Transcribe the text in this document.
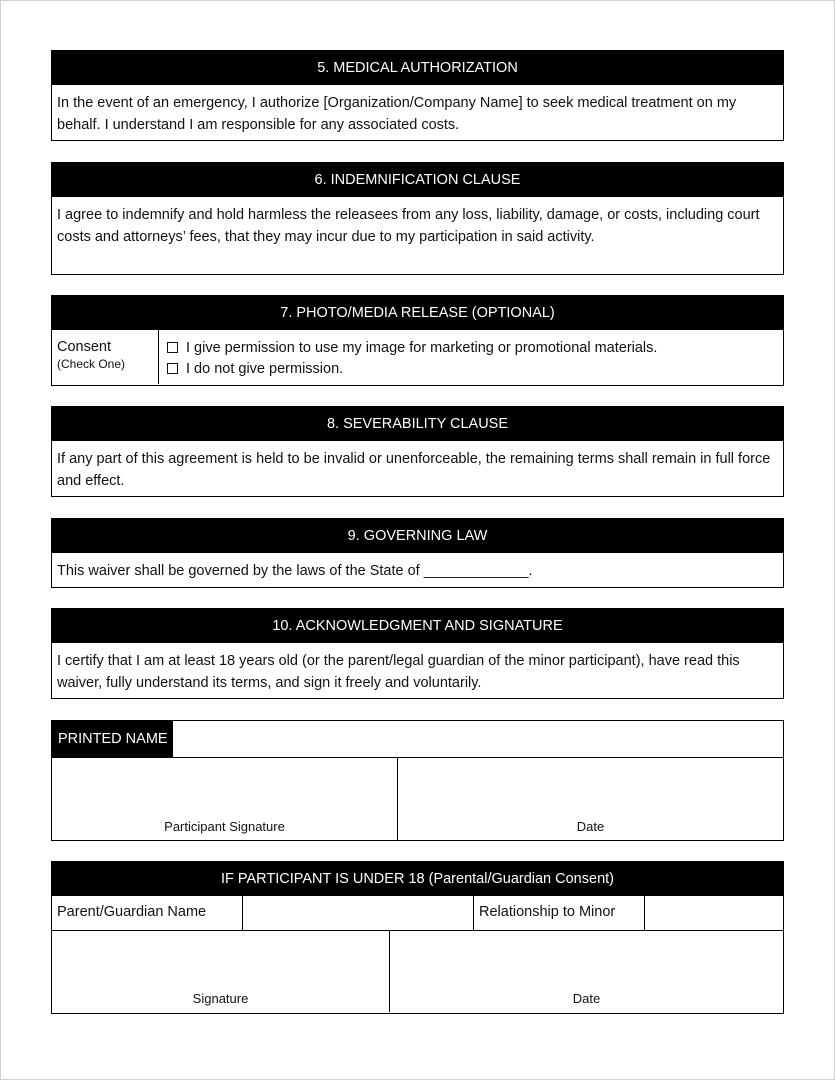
5. MEDICAL AUTHORIZATION
In the event of an emergency, I authorize [Organization/Company Name] to seek medical treatment on my behalf. I understand I am responsible for any associated costs.
6. INDEMNIFICATION CLAUSE
I agree to indemnify and hold harmless the releasees from any loss, liability, damage, or costs, including court costs and attorneys’ fees, that they may incur due to my participation in said activity.
7. PHOTO/MEDIA RELEASE (OPTIONAL)
Consent
(Check One)
I give permission to use my image for marketing or promotional materials.
I do not give permission.
8. SEVERABILITY CLAUSE
If any part of this agreement is held to be invalid or unenforceable, the remaining terms shall remain in full force and effect.
9. GOVERNING LAW
This waiver shall be governed by the laws of the State of _____________.
10. ACKNOWLEDGMENT AND SIGNATURE
I certify that I am at least 18 years old (or the parent/legal guardian of the minor participant), have read this waiver, fully understand its terms, and sign it freely and voluntarily.
PRINTED NAME
Participant Signature	Date
IF PARTICIPANT IS UNDER 18 (Parental/Guardian Consent)
Parent/Guardian Name	Relationship to Minor
Signature	Date
